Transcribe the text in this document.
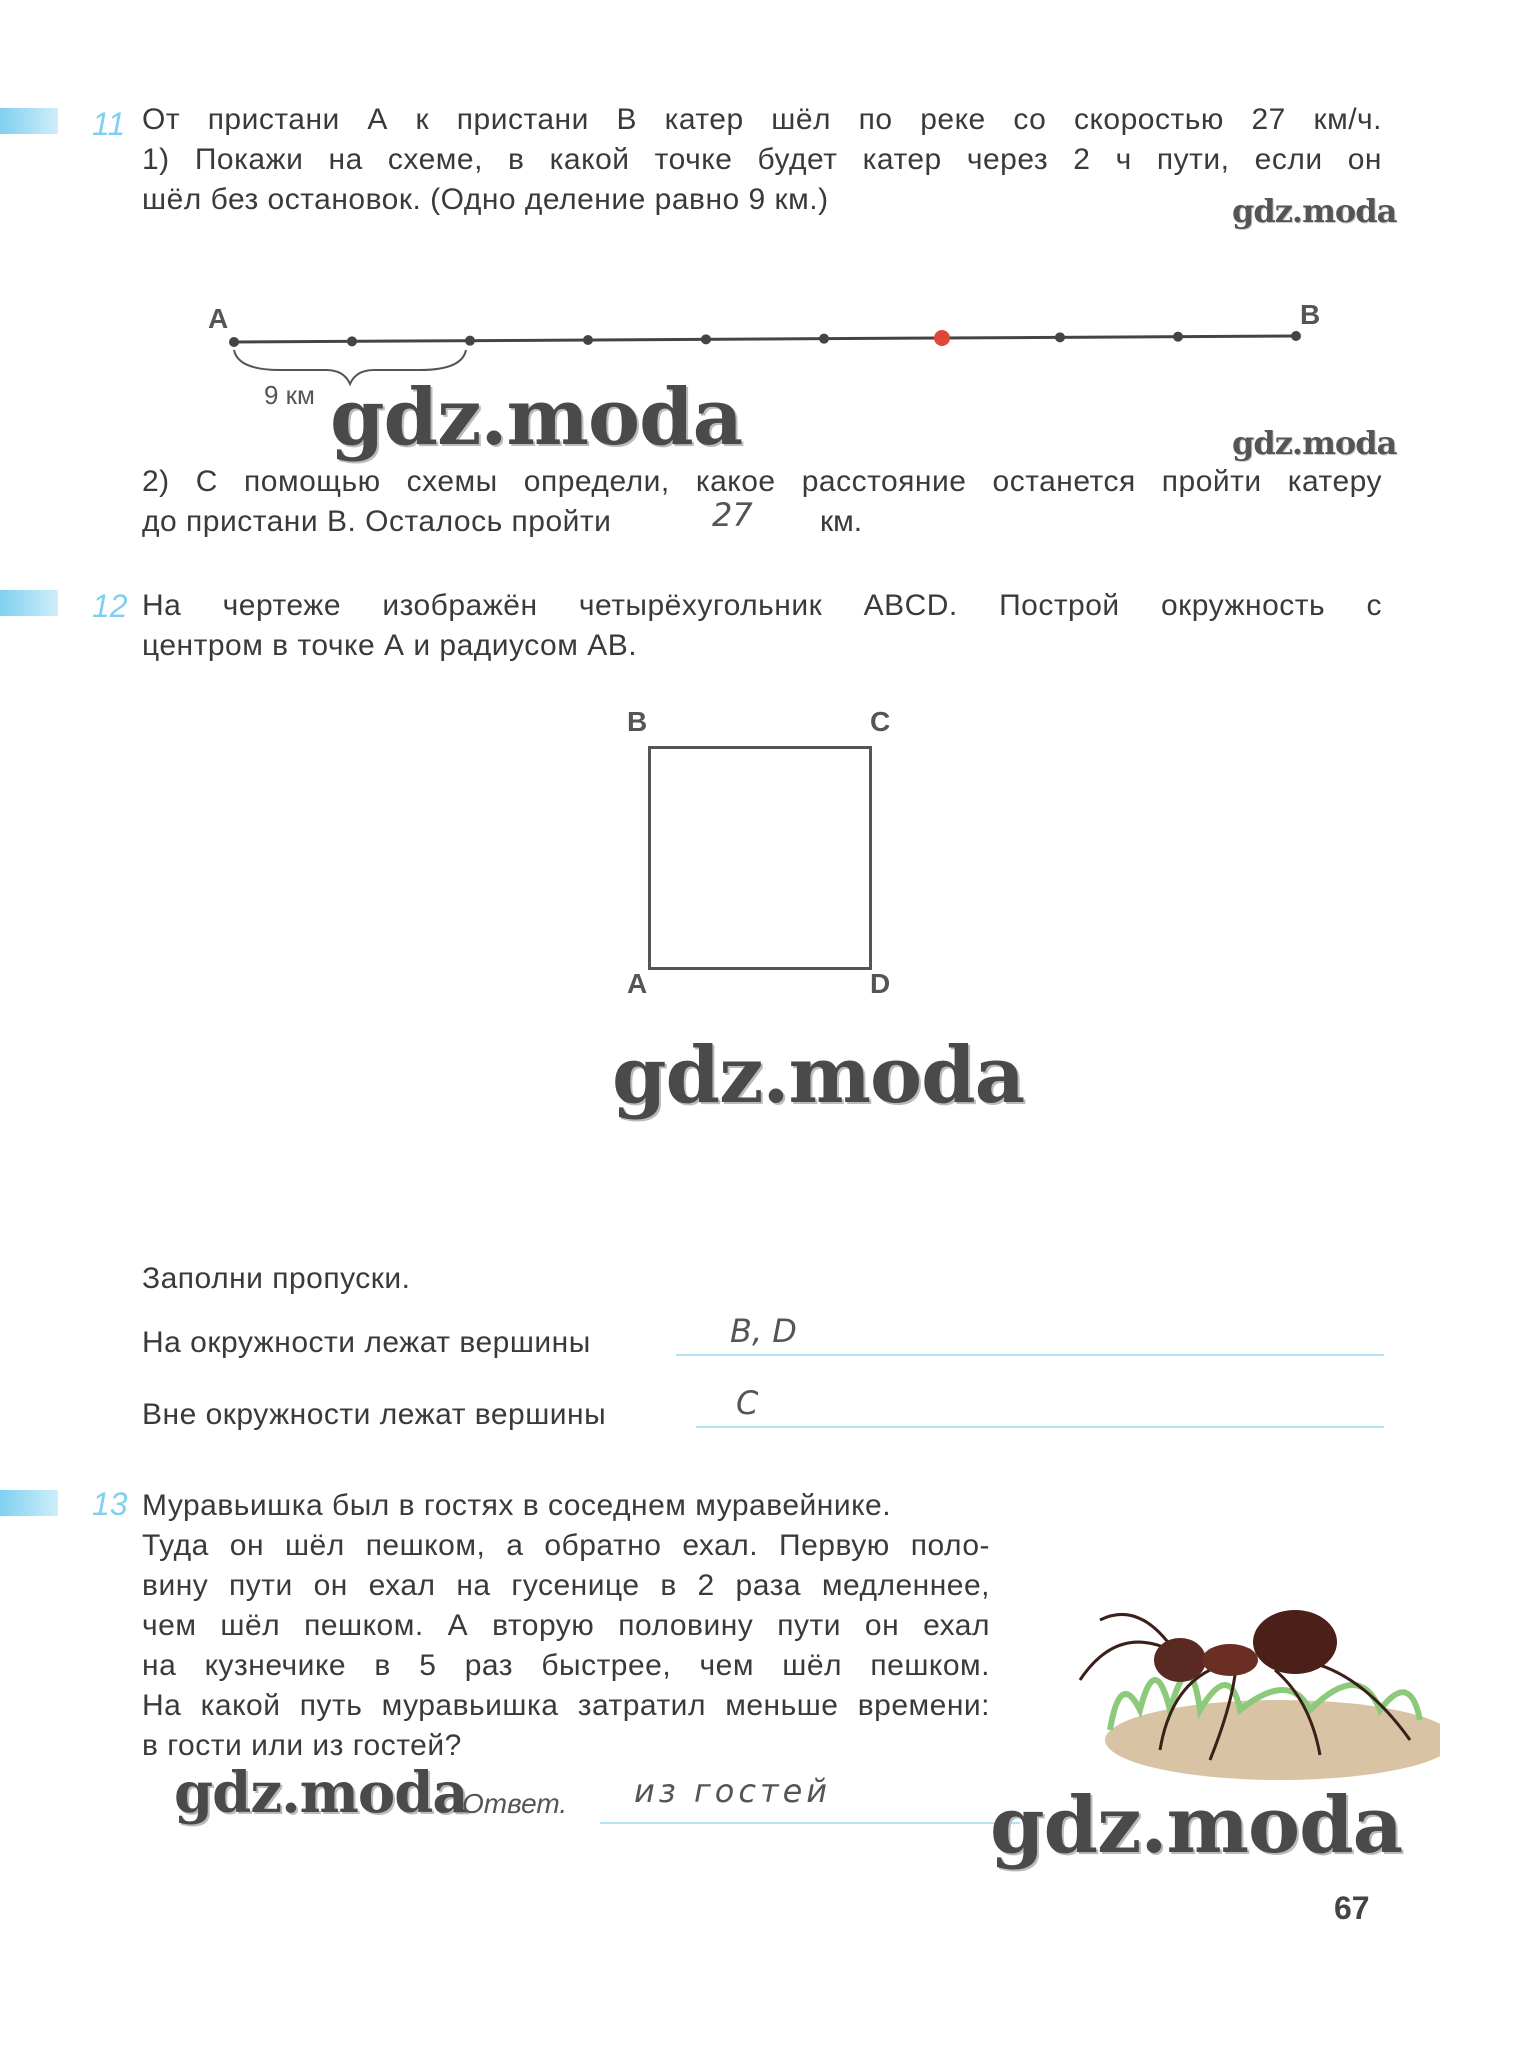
11 От пристани А к пристани В катер шёл по реке со скоростью 27 км/ч.
1) Покажи на схеме, в какой точке будет катер через 2 ч пути, если он
шёл без остановок. (Одно деление равно 9 км.)	gdz.moda
A	B
9 км gdz.moda	gdz.moda
2) С помощью схемы определи, какое расстояние останется пройти катеру
до пристани В. Осталось пройти	27 км.
12 На чертеже изображён четырёхугольник ABCD. Построй окружность с
центром в точке А и радиусом АВ.
B	C
A	D
gdz.moda
Заполни пропуски.
На окружности лежат вершины	B, D
Вне окружности лежат вершины	C
13 Муравьишка был в гостях в соседнем муравейнике.
Туда он шёл пешком, а обратно ехал. Первую поло-
вину пути он ехал на гусенице в 2 раза медленнее,
чем шёл пешком. А вторую половину пути он ехал
на кузнечике в 5 раз быстрее, чем шёл пешком.
На какой путь муравьишка затратил меньше времени:
в гости или из гостей?
gdz.moda
Ответ. из гостей gdz.moda
67
